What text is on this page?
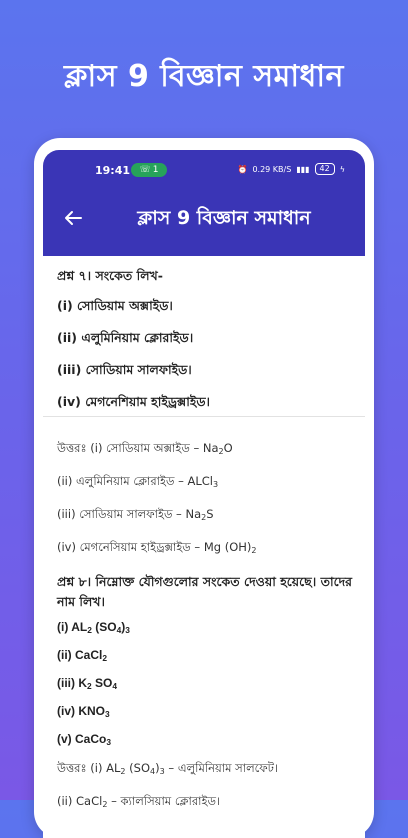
ক্লাস 9 বিজ্ঞান সমাধান
19:41 ☏ 1	⏰ 0.29 KB/S ▮▮▮	42	ϟ
ক্লাস 9 বিজ্ঞান সমাধান
প্রশ্ন ৭। সংকেত লিখ-
(i) সোডিয়াম অক্সাইড।
(ii) এলুমিনিয়াম ক্লোরাইড।
(iii) সোডিয়াম সালফাইড।
(iv) মেগনেশিয়াম হাইড্রক্সাইড।
উত্তরঃ (i) সোডিয়াম অক্সাইড – $Na_2O$
(ii) এলুমিনিয়াম ক্লোরাইড – ALCl$_3$
(iii) সোডিয়াম সালফাইড – $Na_2S$
(iv) মেগনেসিয়াম হাইড্রক্সাইড – Mg $(OH)_2$
প্রশ্ন ৮। নিম্নোক্ত যৌগগুলোর সংকেত দেওয়া হয়েছে। তাদের নাম লিখ।
(i) $AL_2$ $(SO_4)_3$
(ii) CaCl$_2$
(iii) $K_2$ $SO_4$
(iv) $KNO_3$
(v) CaCo$_3$
উত্তরঃ (i) $AL_2$ $(SO_4)_3$ – এলুমিনিয়াম সালফেট।
(ii) CaCl$_2$ – ক্যালসিয়াম ক্লোরাইড।
